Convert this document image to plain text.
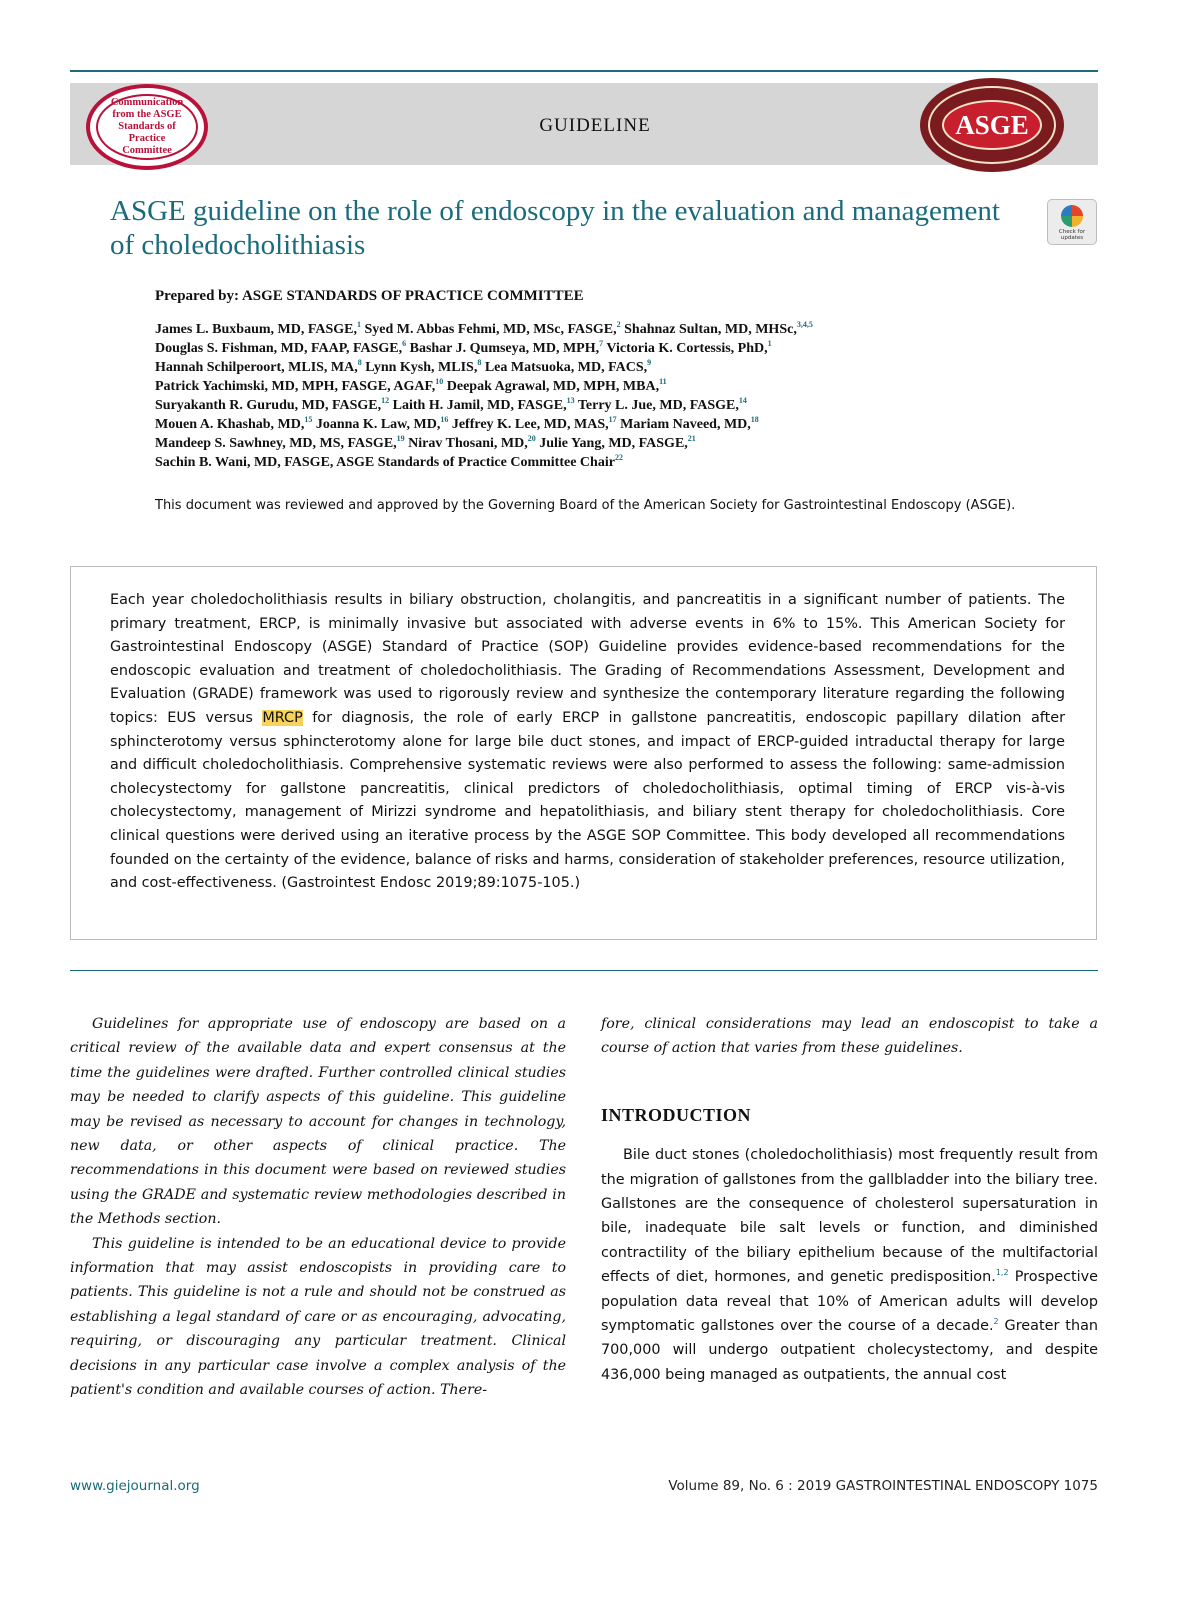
Communication from the ASGE Standards of Practice Committee
GUIDELINE	ASGE
ASGE guideline on the role of endoscopy in the evaluation and management of choledocholithiasis	Check for updates
Prepared by: ASGE STANDARDS OF PRACTICE COMMITTEE
James L. Buxbaum, MD, FASGE,$^1$ Syed M. Abbas Fehmi, MD, MSc, FASGE,$^2$ Shahnaz Sultan, MD, MHSc,$^{3,4,5}$
Douglas S. Fishman, MD, FAAP, FASGE,$^6$ Bashar J. Qumseya, MD, MPH,$^7$ Victoria K. Cortessis, PhD,$^1$
Hannah Schilperoort, MLIS, MA,$^8$ Lynn Kysh, MLIS,$^8$ Lea Matsuoka, MD, FACS,$^9$
Patrick Yachimski, MD, MPH, FASGE, AGAF,$^{10}$ Deepak Agrawal, MD, MPH, MBA,$^{11}$
Suryakanth R. Gurudu, MD, FASGE,$^{12}$ Laith H. Jamil, MD, FASGE,$^{13}$ Terry L. Jue, MD, FASGE,$^{14}$
Mouen A. Khashab, MD,$^{15}$ Joanna K. Law, MD,$^{16}$ Jeffrey K. Lee, MD, MAS,$^{17}$ Mariam Naveed, MD,$^{18}$
Mandeep S. Sawhney, MD, MS, FASGE,$^{19}$ Nirav Thosani, MD,$^{20}$ Julie Yang, MD, FASGE,$^{21}$
Sachin B. Wani, MD, FASGE, ASGE Standards of Practice Committee Chair$^{22}$
This document was reviewed and approved by the Governing Board of the American Society for Gastrointestinal Endoscopy (ASGE).
Each year choledocholithiasis results in biliary obstruction, cholangitis, and pancreatitis in a significant number of patients. The primary treatment, ERCP, is minimally invasive but associated with adverse events in 6% to 15%. This American Society for Gastrointestinal Endoscopy (ASGE) Standard of Practice (SOP) Guideline provides evidence-based recommendations for the endoscopic evaluation and treatment of choledocholithiasis. The Grading of Recommendations Assessment, Development and Evaluation (GRADE) framework was used to rigorously review and synthesize the contemporary literature regarding the following topics: EUS versus MRCP for diagnosis, the role of early ERCP in gallstone pancreatitis, endoscopic papillary dilation after sphincterotomy versus sphincterotomy alone for large bile duct stones, and impact of ERCP-guided intraductal therapy for large and difficult choledocholithiasis. Comprehensive systematic reviews were also performed to assess the following: same-admission cholecystectomy for gallstone pancreatitis, clinical predictors of choledocholithiasis, optimal timing of ERCP vis-à-vis cholecystectomy, management of Mirizzi syndrome and hepatolithiasis, and biliary stent therapy for choledocholithiasis. Core clinical questions were derived using an iterative process by the ASGE SOP Committee. This body developed all recommendations founded on the certainty of the evidence, balance of risks and harms, consideration of stakeholder preferences, resource utilization, and cost-effectiveness. (Gastrointest Endosc 2019;89:1075-105.)

Guidelines for appropriate use of endoscopy are based on a critical review of the available data and expert consensus at the time the guidelines were drafted. Further controlled clinical studies may be needed to clarify aspects of this guideline. This guideline may be revised as necessary to account for changes in technology, new data, or other aspects of clinical practice. The recommendations in this document were based on reviewed studies using the GRADE and systematic review methodologies described in the Methods section.

This guideline is intended to be an educational device to provide information that may assist endoscopists in providing care to patients. This guideline is not a rule and should not be construed as establishing a legal standard of care or as encouraging, advocating, requiring, or discouraging any particular treatment. Clinical decisions in any particular case involve a complex analysis of the patient's condition and available courses of action. There-

fore, clinical considerations may lead an endoscopist to take a course of action that varies from these guidelines.
INTRODUCTION

Bile duct stones (choledocholithiasis) most frequently result from the migration of gallstones from the gallbladder into the biliary tree. Gallstones are the consequence of cholesterol supersaturation in bile, inadequate bile salt levels or function, and diminished contractility of the biliary epithelium because of the multifactorial effects of diet, hormones, and genetic predisposition.$^{1,2}$ Prospective population data reveal that 10% of American adults will develop symptomatic gallstones over the course of a decade.$^2$ Greater than 700,000 will undergo outpatient cholecystectomy, and despite 436,000 being managed as outpatients, the annual cost

www.giejournal.org	Volume 89, No. 6 : 2019 GASTROINTESTINAL ENDOSCOPY 1075
